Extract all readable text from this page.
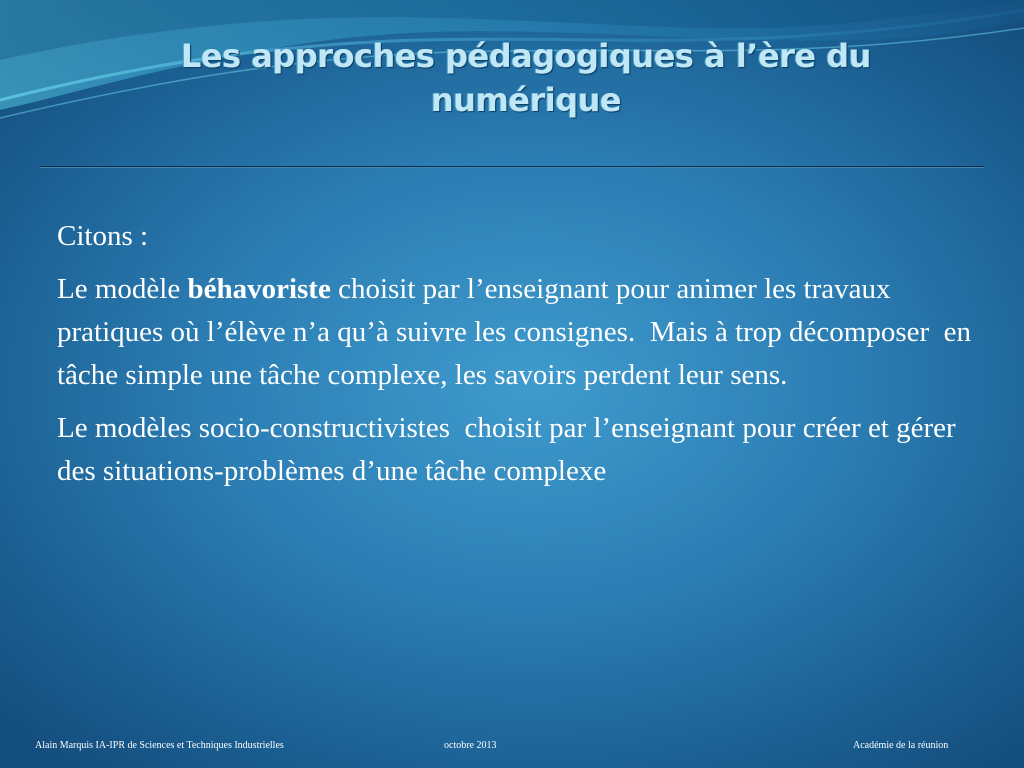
Les approches pédagogiques à l’ère du numérique

Citons :

Le modèle béhavoriste choisit par l’enseignant pour animer les travaux pratiques où l’élève n’a qu’à suivre les consignes.  Mais à trop décomposer  en tâche simple une tâche complexe, les savoirs perdent leur sens.

Le modèles socio-constructivistes  choisit par l’enseignant pour créer et gérer des situations-problèmes d’une tâche complexe

Alain Marquis IA-IPR de Sciences et Techniques Industrielles	octobre 2013	Académie de la réunion
